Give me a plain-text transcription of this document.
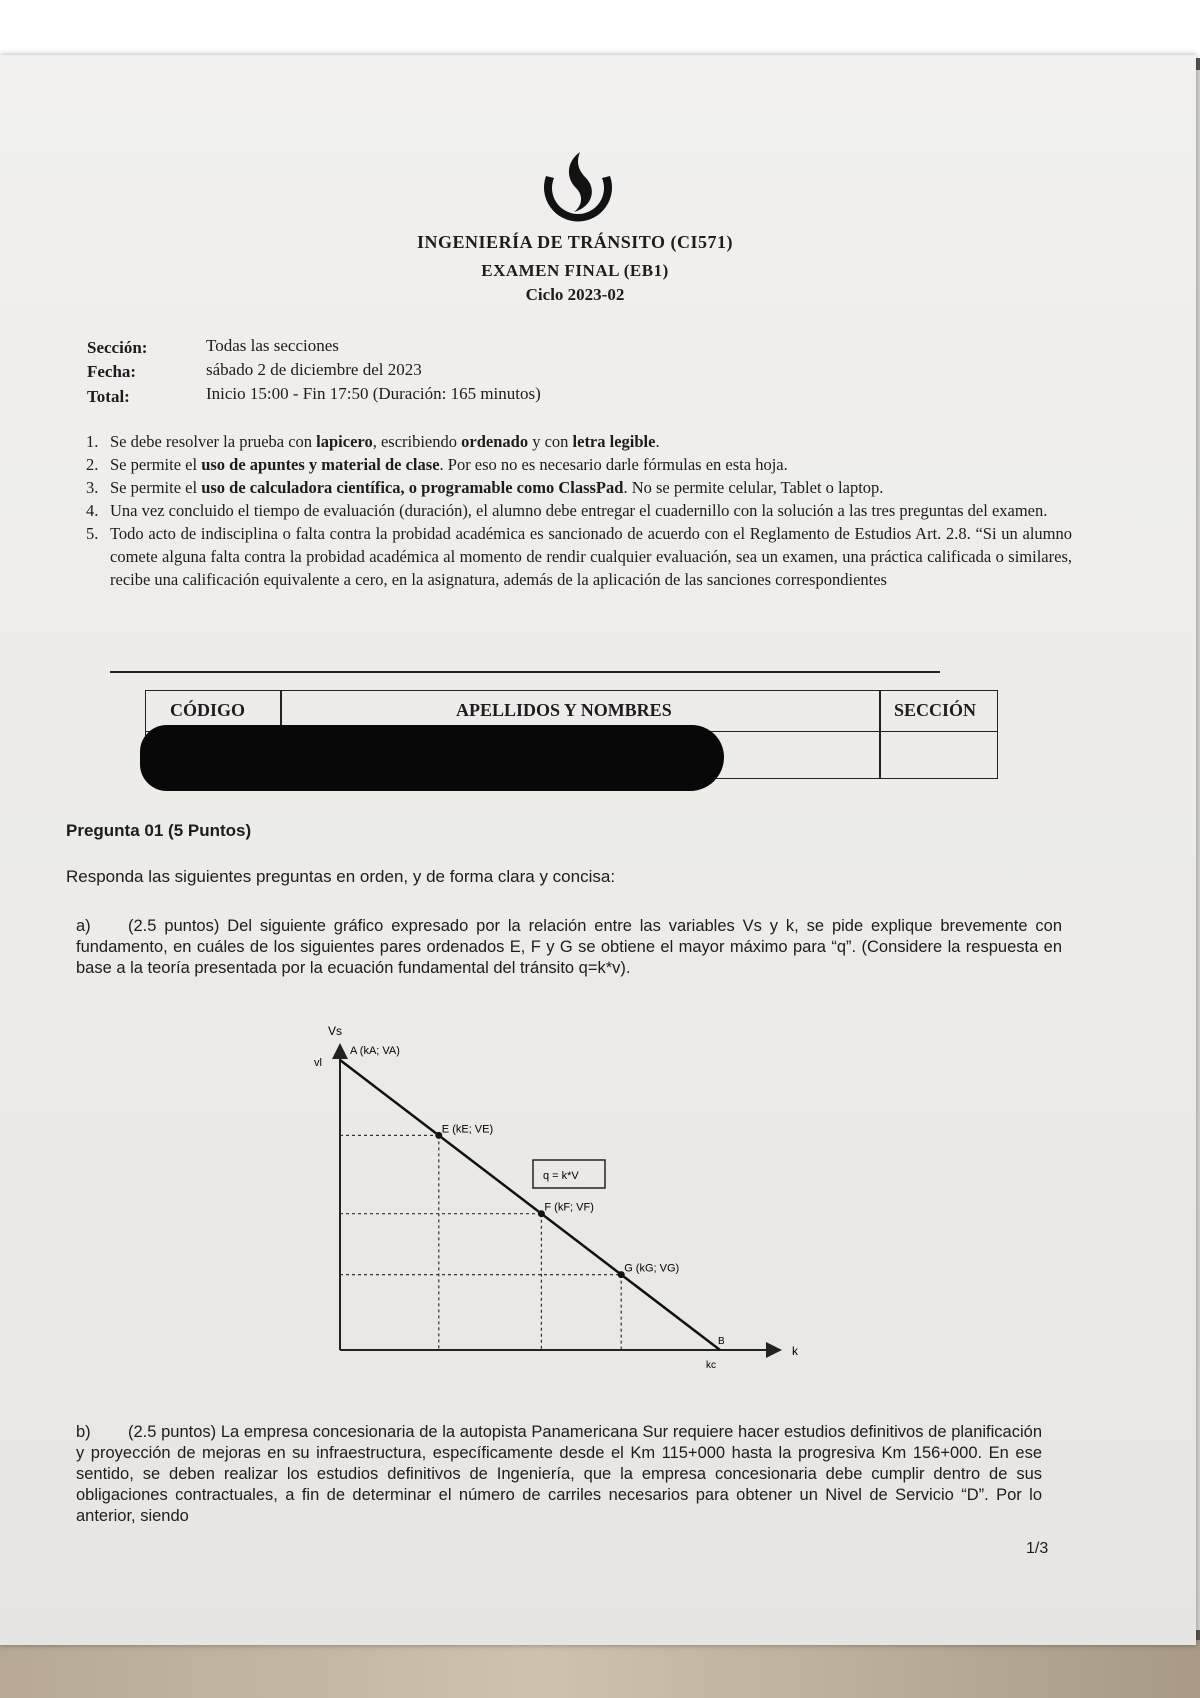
INGENIERÍA DE TRÁNSITO (CI571)
EXAMEN FINAL (EB1)
Ciclo 2023-02
Sección:	Todas las secciones
Fecha:	sábado 2 de diciembre del 2023
Total:	Inicio 15:00 - Fin 17:50 (Duración: 165 minutos)

1. Se debe resolver la prueba con lapicero, escribiendo ordenado y con letra legible.

2. Se permite el uso de apuntes y material de clase. Por eso no es necesario darle fórmulas en esta hoja.

3. Se permite el uso de calculadora científica, o programable como ClassPad. No se permite celular, Tablet o laptop.

4. Una vez concluido el tiempo de evaluación (duración), el alumno debe entregar el cuadernillo con la solución a las tres preguntas del examen.

5. Todo acto de indisciplina o falta contra la probidad académica es sancionado de acuerdo con el Reglamento de Estudios Art. 2.8. “Si un alumno comete alguna falta contra la probidad académica al momento de rendir cualquier evaluación, sea un examen, una práctica calificada o similares, recibe una calificación equivalente a cero, en la asignatura, además de la aplicación de las sanciones correspondientes

CÓDIGO	APELLIDOS Y NOMBRES	SECCIÓN
Pregunta 01 (5 Puntos)
Responda las siguientes preguntas en orden, y de forma clara y concisa:
a) (2.5 puntos) Del siguiente gráfico expresado por la relación entre las variables Vs y k, se pide explique brevemente con fundamento, en cuáles de los siguientes pares ordenados E, F y G se obtiene el mayor máximo para “q”. (Considere la respuesta en base a la teoría presentada por la ecuación fundamental del tránsito q=k*v).
Vs
k
vl
A (kA; VA)
B
kc
E (kE; VE)
F (kF; VF)
G (kG; VG)
q = k*V
b) (2.5 puntos) La empresa concesionaria de la autopista Panamericana Sur requiere hacer estudios definitivos de planificación y proyección de mejoras en su infraestructura, específicamente desde el Km 115+000 hasta la progresiva Km 156+000. En ese sentido, se deben realizar los estudios definitivos de Ingeniería, que la empresa concesionaria debe cumplir dentro de sus obligaciones contractuales, a fin de determinar el número de carriles necesarios para obtener un Nivel de Servicio “D”. Por lo anterior, siendo
1/3
